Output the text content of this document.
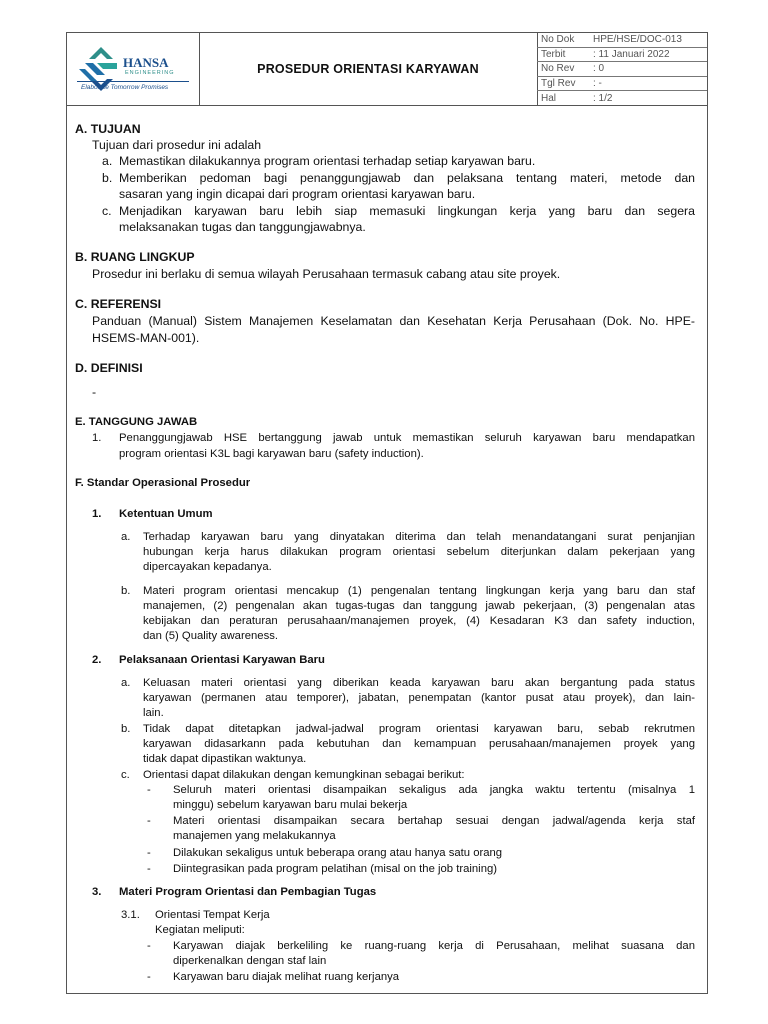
HANSA
ENGINEERING
Elaborate Tomorrow Promises
PROSEDUR ORIENTASI KARYAWAN
No Dok	HPE/HSE/DOC-013
Terbit	: 11 Januari 2022
No Rev	: 0
Tgl Rev	: -
Hal	: 1/2
A. TUJUAN
Tujuan dari prosedur ini adalah
a. Memastikan dilakukannya program orientasi terhadap setiap karyawan baru.
b. Memberikan pedoman bagi penanggungjawab dan pelaksana tentang materi, metode dan
sasaran yang ingin dicapai dari program orientasi karyawan baru.
c. Menjadikan karyawan baru lebih siap memasuki lingkungan kerja yang baru dan segera
melaksanakan tugas dan tanggungjawabnya.
B. RUANG LINGKUP
Prosedur ini berlaku di semua wilayah Perusahaan termasuk cabang atau site proyek.
C. REFERENSI
Panduan (Manual) Sistem Manajemen Keselamatan dan Kesehatan Kerja Perusahaan (Dok. No. HPE-
HSEMS-MAN-001).
D. DEFINISI
-
E. TANGGUNG JAWAB
1. Penanggungjawab HSE bertanggung jawab untuk memastikan seluruh karyawan baru mendapatkan
program orientasi K3L bagi karyawan baru (safety induction).
F. Standar Operasional Prosedur
1. Ketentuan Umum
a. Terhadap karyawan baru yang dinyatakan diterima dan telah menandatangani surat penjanjian
hubungan kerja harus dilakukan program orientasi sebelum diterjunkan dalam pekerjaan yang
dipercayakan kepadanya.
b. Materi program orientasi mencakup (1) pengenalan tentang lingkungan kerja yang baru dan staf
manajemen, (2) pengenalan akan tugas-tugas dan tanggung jawab pekerjaan, (3) pengenalan atas
kebijakan dan peraturan perusahaan/manajemen proyek, (4) Kesadaran K3 dan safety induction,
dan (5) Quality awareness.
2. Pelaksanaan Orientasi Karyawan Baru
a. Keluasan materi orientasi yang diberikan keada karyawan baru akan bergantung pada status
karyawan (permanen atau temporer), jabatan, penempatan (kantor pusat atau proyek), dan lain-
lain.
b. Tidak dapat ditetapkan jadwal-jadwal program orientasi karyawan baru, sebab rekrutmen
karyawan didasarkann pada kebutuhan dan kemampuan perusahaan/manajemen proyek yang
tidak dapat dipastikan waktunya.
c. Orientasi dapat dilakukan dengan kemungkinan sebagai berikut:
- Seluruh materi orientasi disampaikan sekaligus ada jangka waktu tertentu (misalnya 1
minggu) sebelum karyawan baru mulai bekerja
- Materi orientasi disampaikan secara bertahap sesuai dengan jadwal/agenda kerja staf
manajemen yang melakukannya
- Dilakukan sekaligus untuk beberapa orang atau hanya satu orang
- Diintegrasikan pada program pelatihan (misal on the job training)
3. Materi Program Orientasi dan Pembagian Tugas
3.1. Orientasi Tempat Kerja
Kegiatan meliputi:
- Karyawan diajak berkeliling ke ruang-ruang kerja di Perusahaan, melihat suasana dan
diperkenalkan dengan staf lain
- Karyawan baru diajak melihat ruang kerjanya
